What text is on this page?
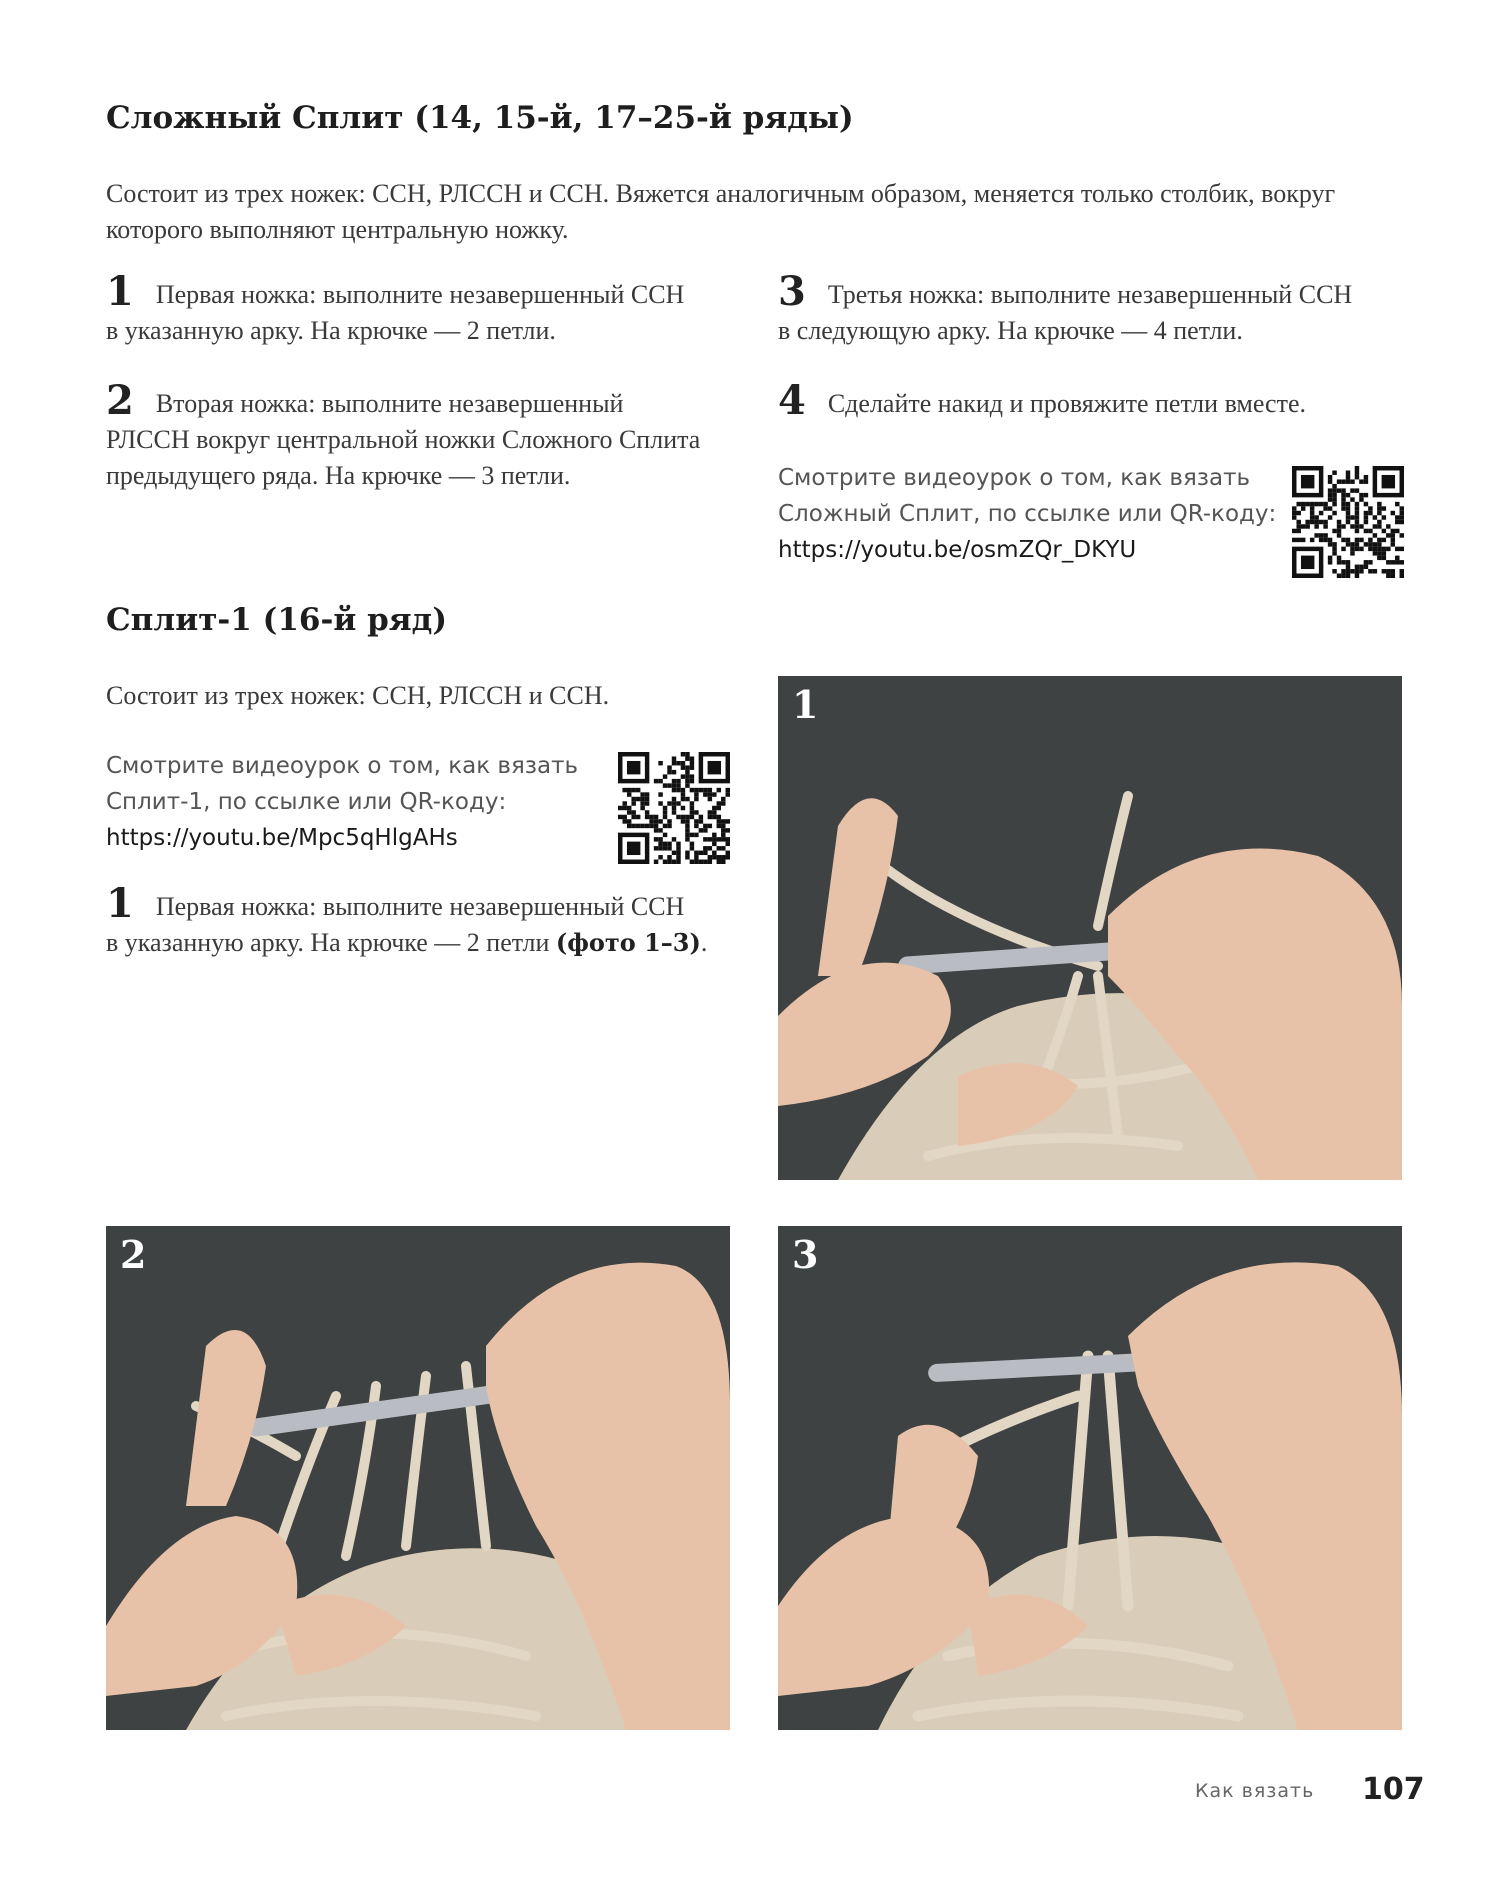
Сложный Сплит (14, 15-й, 17–25-й ряды)
Состоит из трех ножек: ССН, РЛССН и ССН. Вяжется аналогичным образом, меняется только столбик, вокруг
которого выполняют центральную ножку.
1 Первая ножка: выполните незавершенный ССН
в указанную арку. На крючке — 2 петли.
2 Вторая ножка: выполните незавершенный
РЛССН вокруг центральной ножки Сложного Сплита
предыдущего ряда. На крючке — 3 петли.
3 Третья ножка: выполните незавершенный ССН
в следующую арку. На крючке — 4 петли.
4 Сделайте накид и провяжите петли вместе.
Смотрите видеоурок о том, как вязать
Сложный Сплит, по ссылке или QR-коду:
https://youtu.be/osmZQr_DKYU
Сплит-1 (16-й ряд)
Состоит из трех ножек: ССН, РЛССН и ССН.
Смотрите видеоурок о том, как вязать
Сплит-1, по ссылке или QR-коду:
https://youtu.be/Mpc5qHlgAHs
1 Первая ножка: выполните незавершенный ССН
в указанную арку. На крючке — 2 петли (фото 1–3).
1
2	3
Как вязать 107
